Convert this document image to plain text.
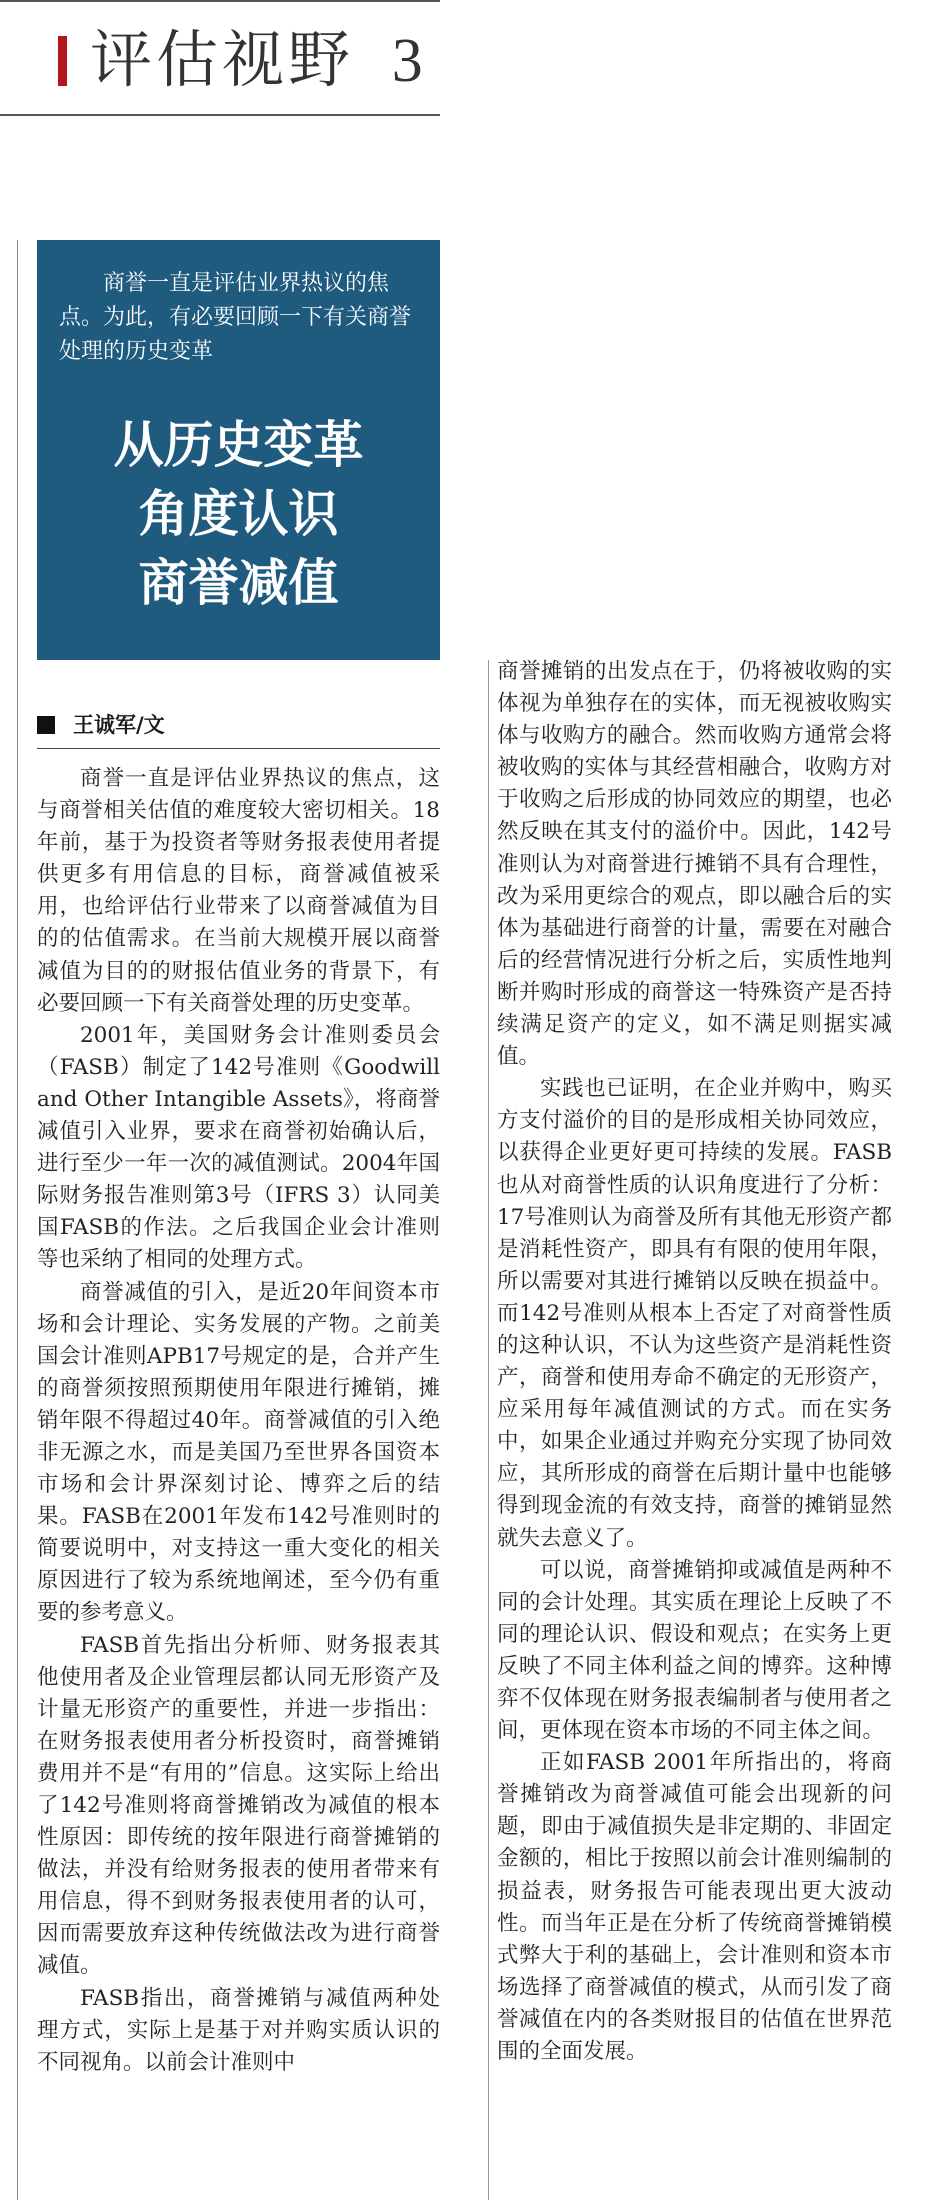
评估视野 3
商誉一直是评估业界热议的焦点。为此，有必要回顾一下有关商誉处理的历史变革
从历史变革
角度认识
商誉减值
王诚军/文

商誉一直是评估业界热议的焦点，这与商誉相关估值的难度较大密切相关。18年前，基于为投资者等财务报表使用者提供更多有用信息的目标，商誉减值被采用，也给评估行业带来了以商誉减值为目的的估值需求。在当前大规模开展以商誉减值为目的的财报估值业务的背景下，有必要回顾一下有关商誉处理的历史变革。

2001年，美国财务会计准则委员会（FASB）制定了142号准则《Goodwill and Other Intangible Assets》，将商誉减值引入业界，要求在商誉初始确认后，进行至少一年一次的减值测试。2004年国际财务报告准则第3号（IFRS 3）认同美国FASB的作法。之后我国企业会计准则等也采纳了相同的处理方式。

商誉减值的引入，是近20年间资本市场和会计理论、实务发展的产物。之前美国会计准则APB17号规定的是，合并产生的商誉须按照预期使用年限进行摊销，摊销年限不得超过40年。商誉减值的引入绝非无源之水，而是美国乃至世界各国资本市场和会计界深刻讨论、博弈之后的结果。FASB在2001年发布142号准则时的简要说明中，对支持这一重大变化的相关原因进行了较为系统地阐述，至今仍有重要的参考意义。

FASB首先指出分析师、财务报表其他使用者及企业管理层都认同无形资产及计量无形资产的重要性，并进一步指出：在财务报表使用者分析投资时，商誉摊销费用并不是“有用的”信息。这实际上给出了142号准则将商誉摊销改为减值的根本性原因：即传统的按年限进行商誉摊销的做法，并没有给财务报表的使用者带来有用信息，得不到财务报表使用者的认可，因而需要放弃这种传统做法改为进行商誉减值。

FASB指出，商誉摊销与减值两种处理方式，实际上是基于对并购实质认识的不同视角。以前会计准则中

商誉摊销的出发点在于，仍将被收购的实体视为单独存在的实体，而无视被收购实体与收购方的融合。然而收购方通常会将被收购的实体与其经营相融合，收购方对于收购之后形成的协同效应的期望，也必然反映在其支付的溢价中。因此，142号准则认为对商誉进行摊销不具有合理性，改为采用更综合的观点，即以融合后的实体为基础进行商誉的计量，需要在对融合后的经营情况进行分析之后，实质性地判断并购时形成的商誉这一特殊资产是否持续满足资产的定义，如不满足则据实减值。

实践也已证明，在企业并购中，购买方支付溢价的目的是形成相关协同效应，以获得企业更好更可持续的发展。FASB也从对商誉性质的认识角度进行了分析：17号准则认为商誉及所有其他无形资产都是消耗性资产，即具有有限的使用年限，所以需要对其进行摊销以反映在损益中。而142号准则从根本上否定了对商誉性质的这种认识，不认为这些资产是消耗性资产，商誉和使用寿命不确定的无形资产，应采用每年减值测试的方式。而在实务中，如果企业通过并购充分实现了协同效应，其所形成的商誉在后期计量中也能够得到现金流的有效支持，商誉的摊销显然就失去意义了。

可以说，商誉摊销抑或减值是两种不同的会计处理。其实质在理论上反映了不同的理论认识、假设和观点；在实务上更反映了不同主体利益之间的博弈。这种博弈不仅体现在财务报表编制者与使用者之间，更体现在资本市场的不同主体之间。

正如FASB 2001年所指出的，将商誉摊销改为商誉减值可能会出现新的问题，即由于减值损失是非定期的、非固定金额的，相比于按照以前会计准则编制的损益表，财务报告可能表现出更大波动性。而当年正是在分析了传统商誉摊销模式弊大于利的基础上，会计准则和资本市场选择了商誉减值的模式，从而引发了商誉减值在内的各类财报目的估值在世界范围的全面发展。
